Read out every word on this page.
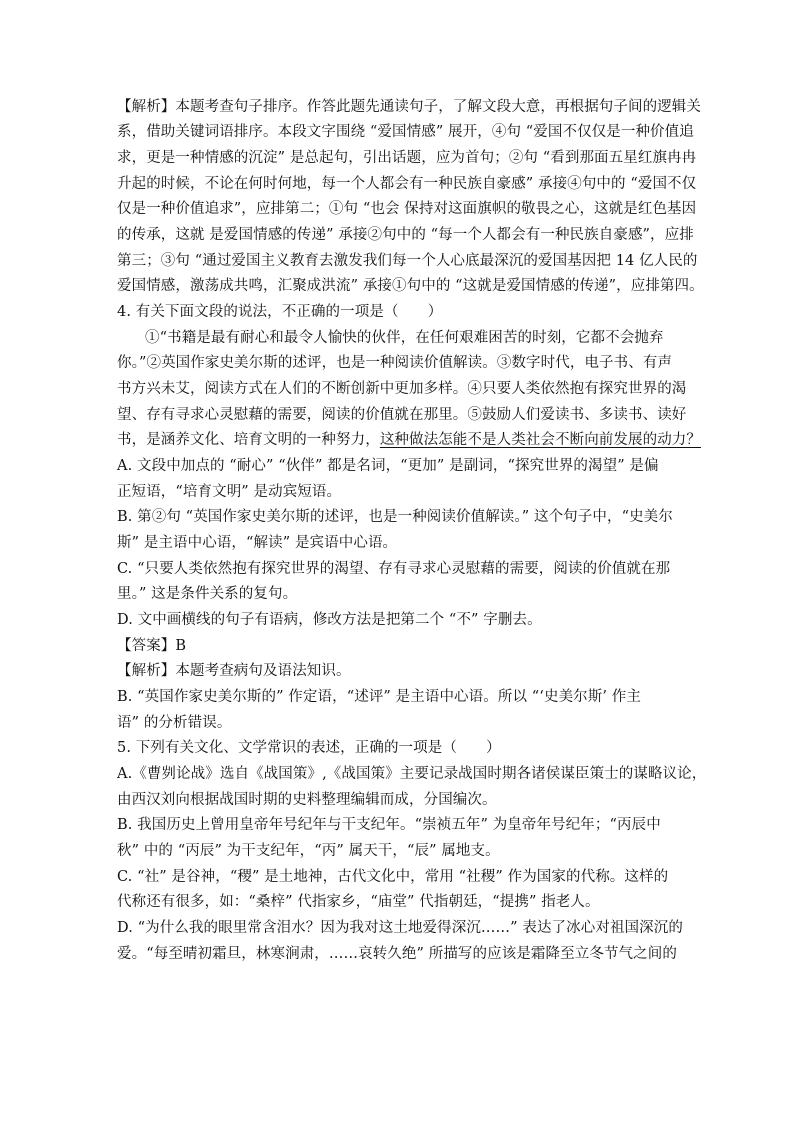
【解析】本题考查句子排序。作答此题先通读句子，了解文段大意，再根据句子间的逻辑关
系，借助关键词语排序。本段文字围绕 “爱国情感” 展开，④句 “爱国不仅仅是一种价值追
求，更是一种情感的沉淀” 是总起句，引出话题，应为首句；②句 “看到那面五星红旗冉冉
升起的时候，不论在何时何地，每一个人都会有一种民族自豪感” 承接④句中的 “爱国不仅
仅是一种价值追求”，应排第二；①句 “也会 保持对这面旗帜的敬畏之心，这就是红色基因
的传承，这就 是爱国情感的传递” 承接②句中的 “每一个人都会有一种民族自豪感”，应排
第三；③句 “通过爱国主义教育去激发我们每一个人心底最深沉的爱国基因把 14 亿人民的
爱国情感，激荡成共鸣，汇聚成洪流” 承接①句中的 “这就是爱国情感的传递”，应排第四。
4. 有关下面文段的说法，不正确的一项是（　　）
①“书籍是最有耐心和最令人愉快的伙伴，在任何艰难困苦的时刻，它都不会抛弃
你。”②英国作家史美尔斯的述评，也是一种阅读价值解读。③数字时代，电子书、有声
书方兴未艾，阅读方式在人们的不断创新中更加多样。④只要人类依然抱有探究世界的渴
望、存有寻求心灵慰藉的需要，阅读的价值就在那里。⑤鼓励人们爱读书、多读书、读好
书，是涵养文化、培育文明的一种努力，这种做法怎能不是人类社会不断向前发展的动力？
A. 文段中加点的 “耐心” “伙伴” 都是名词，“更加” 是副词，“探究世界的渴望” 是偏
正短语，“培育文明” 是动宾短语。
B. 第②句 “英国作家史美尔斯的述评，也是一种阅读价值解读。” 这个句子中，“史美尔
斯” 是主语中心语，“解读” 是宾语中心语。
C. “只要人类依然抱有探究世界的渴望、存有寻求心灵慰藉的需要，阅读的价值就在那
里。” 这是条件关系的复句。
D. 文中画横线的句子有语病，修改方法是把第二个 “不” 字删去。
【答案】B
【解析】本题考查病句及语法知识。
B. “英国作家史美尔斯的” 作定语，“述评” 是主语中心语。所以 “‘史美尔斯’ 作主
语” 的分析错误。
5. 下列有关文化、文学常识的表述，正确的一项是（　　）
A.《曹刿论战》选自《战国策》,《战国策》主要记录战国时期各诸侯谋臣策士的谋略议论，
由西汉刘向根据战国时期的史料整理编辑而成，分国编次。
B. 我国历史上曾用皇帝年号纪年与干支纪年。“崇祯五年” 为皇帝年号纪年；“丙辰中
秋” 中的 “丙辰” 为干支纪年，“丙” 属天干，“辰” 属地支。
C. “社” 是谷神，“稷” 是土地神，古代文化中，常用 “社稷” 作为国家的代称。这样的
代称还有很多，如：“桑梓” 代指家乡，“庙堂” 代指朝廷，“提携” 指老人。
D. “为什么我的眼里常含泪水？因为我对这土地爱得深沉……” 表达了冰心对祖国深沉的
爱。“每至晴初霜旦，林寒涧肃，……哀转久绝” 所描写的应该是霜降至立冬节气之间的
